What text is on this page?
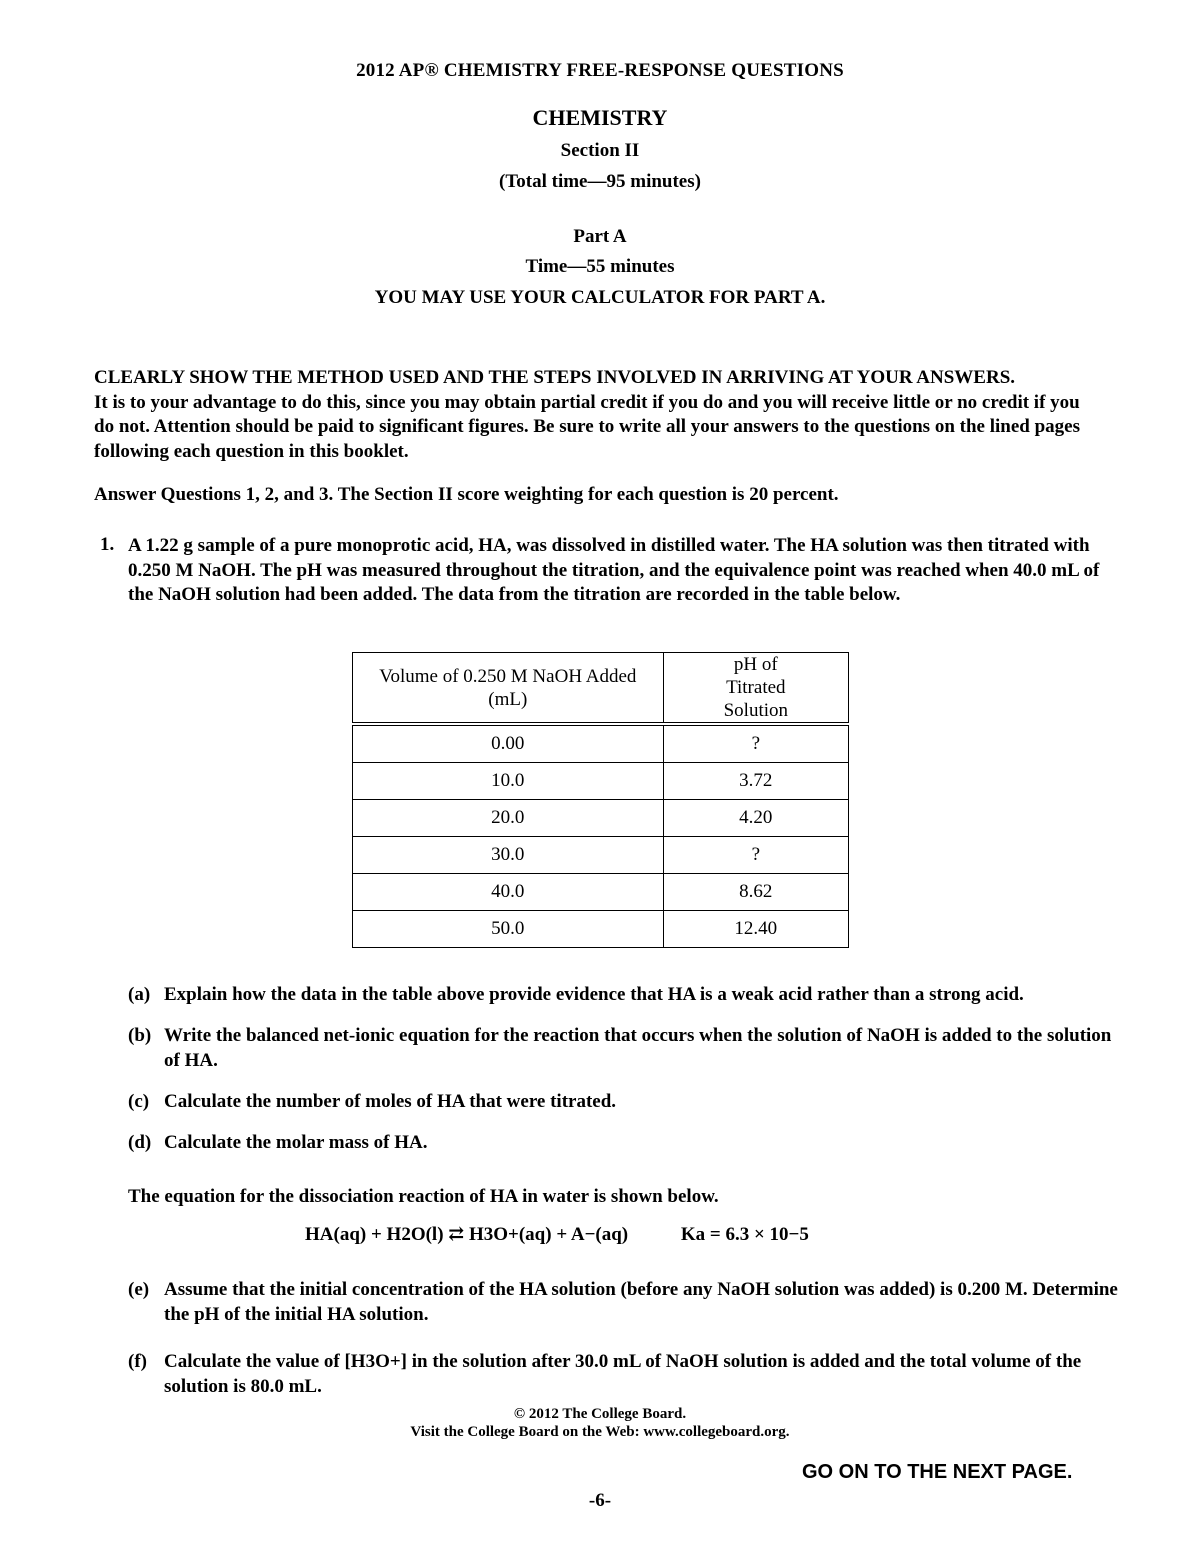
2012 AP® CHEMISTRY FREE-RESPONSE QUESTIONS
CHEMISTRY
Section II
(Total time—95 minutes)
Part A
Time—55 minutes
YOU MAY USE YOUR CALCULATOR FOR PART A.
CLEARLY SHOW THE METHOD USED AND THE STEPS INVOLVED IN ARRIVING AT YOUR ANSWERS.
It is to your advantage to do this, since you may obtain partial credit if you do and you will receive little or no credit if you do not. Attention should be paid to significant figures. Be sure to write all your answers to the questions on the lined pages following each question in this booklet.
Answer Questions 1, 2, and 3. The Section II score weighting for each question is 20 percent.
1. A 1.22 g sample of a pure monoprotic acid, HA, was dissolved in distilled water. The HA solution was then titrated with 0.250 M NaOH. The pH was measured throughout the titration, and the equivalence point was reached when 40.0 mL of the NaOH solution had been added. The data from the titration are recorded in the table below.
Volume of 0.250 M NaOH Added (mL)	pH of Titrated Solution
0.00	?
10.0	3.72
20.0	4.20
30.0	?
40.0	8.62
50.0	12.40
(a) Explain how the data in the table above provide evidence that HA is a weak acid rather than a strong acid.
(b) Write the balanced net-ionic equation for the reaction that occurs when the solution of NaOH is added to the solution of HA.
(c) Calculate the number of moles of HA that were titrated.
(d) Calculate the molar mass of HA.
The equation for the dissociation reaction of HA in water is shown below.
HA(aq) + H2O(l) ⇄ H3O+(aq) + A−(aq)	Ka = 6.3 × 10−5
(e) Assume that the initial concentration of the HA solution (before any NaOH solution was added) is 0.200 M. Determine the pH of the initial HA solution.
(f) Calculate the value of [H3O+] in the solution after 30.0 mL of NaOH solution is added and the total volume of the solution is 80.0 mL.
© 2012 The College Board.
Visit the College Board on the Web: www.collegeboard.org.
GO ON TO THE NEXT PAGE.
-6-
